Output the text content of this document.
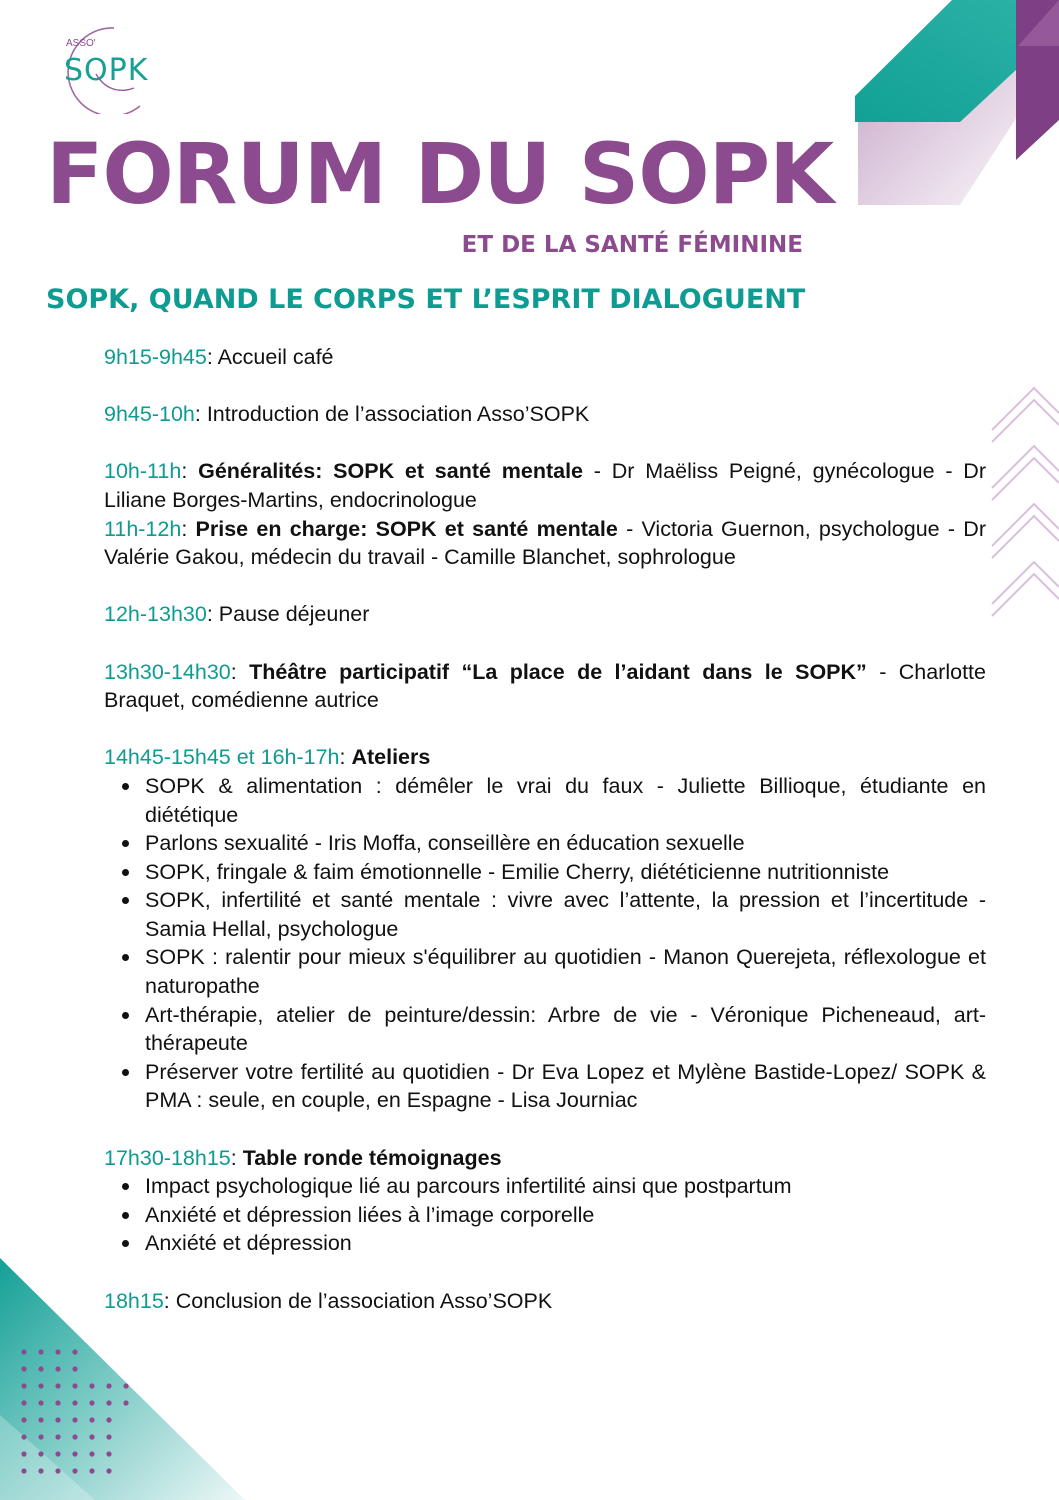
ASSO'
SOPK
FORUM DU SOPK
ET DE LA SANTÉ FÉMININE
SOPK, QUAND LE CORPS ET L’ESPRIT DIALOGUENT

9h15-9h45: Accueil café

9h45-10h: Introduction de l’association Asso’SOPK

10h-11h: Généralités: SOPK et santé mentale - Dr Maëliss Peigné, gynécologue - Dr Liliane Borges-Martins, endocrinologue

11h-12h: Prise en charge: SOPK et santé mentale - Victoria Guernon, psychologue - Dr Valérie Gakou, médecin du travail - Camille Blanchet, sophrologue

12h-13h30: Pause déjeuner

13h30-14h30: Théâtre participatif “La place de l’aidant dans le SOPK” - Charlotte Braquet, comédienne autrice

14h45-15h45 et 16h-17h: Ateliers

SOPK & alimentation : démêler le vrai du faux - Juliette Billioque, étudiante en diététique
Parlons sexualité - Iris Moffa, conseillère en éducation sexuelle
SOPK, fringale & faim émotionnelle - Emilie Cherry, diététicienne nutritionniste
SOPK, infertilité et santé mentale : vivre avec l’attente, la pression et l’incertitude - Samia Hellal, psychologue
SOPK : ralentir pour mieux s'équilibrer au quotidien - Manon Querejeta, réflexologue et naturopathe
Art-thérapie, atelier de peinture/dessin: Arbre de vie - Véronique Picheneaud, art-thérapeute
Préserver votre fertilité au quotidien - Dr Eva Lopez et Mylène Bastide-Lopez/ SOPK & PMA : seule, en couple, en Espagne - Lisa Journiac

17h30-18h15: Table ronde témoignages

Impact psychologique lié au parcours infertilité ainsi que postpartum
Anxiété et dépression liées à l’image corporelle
Anxiété et dépression

18h15: Conclusion de l’association Asso’SOPK
